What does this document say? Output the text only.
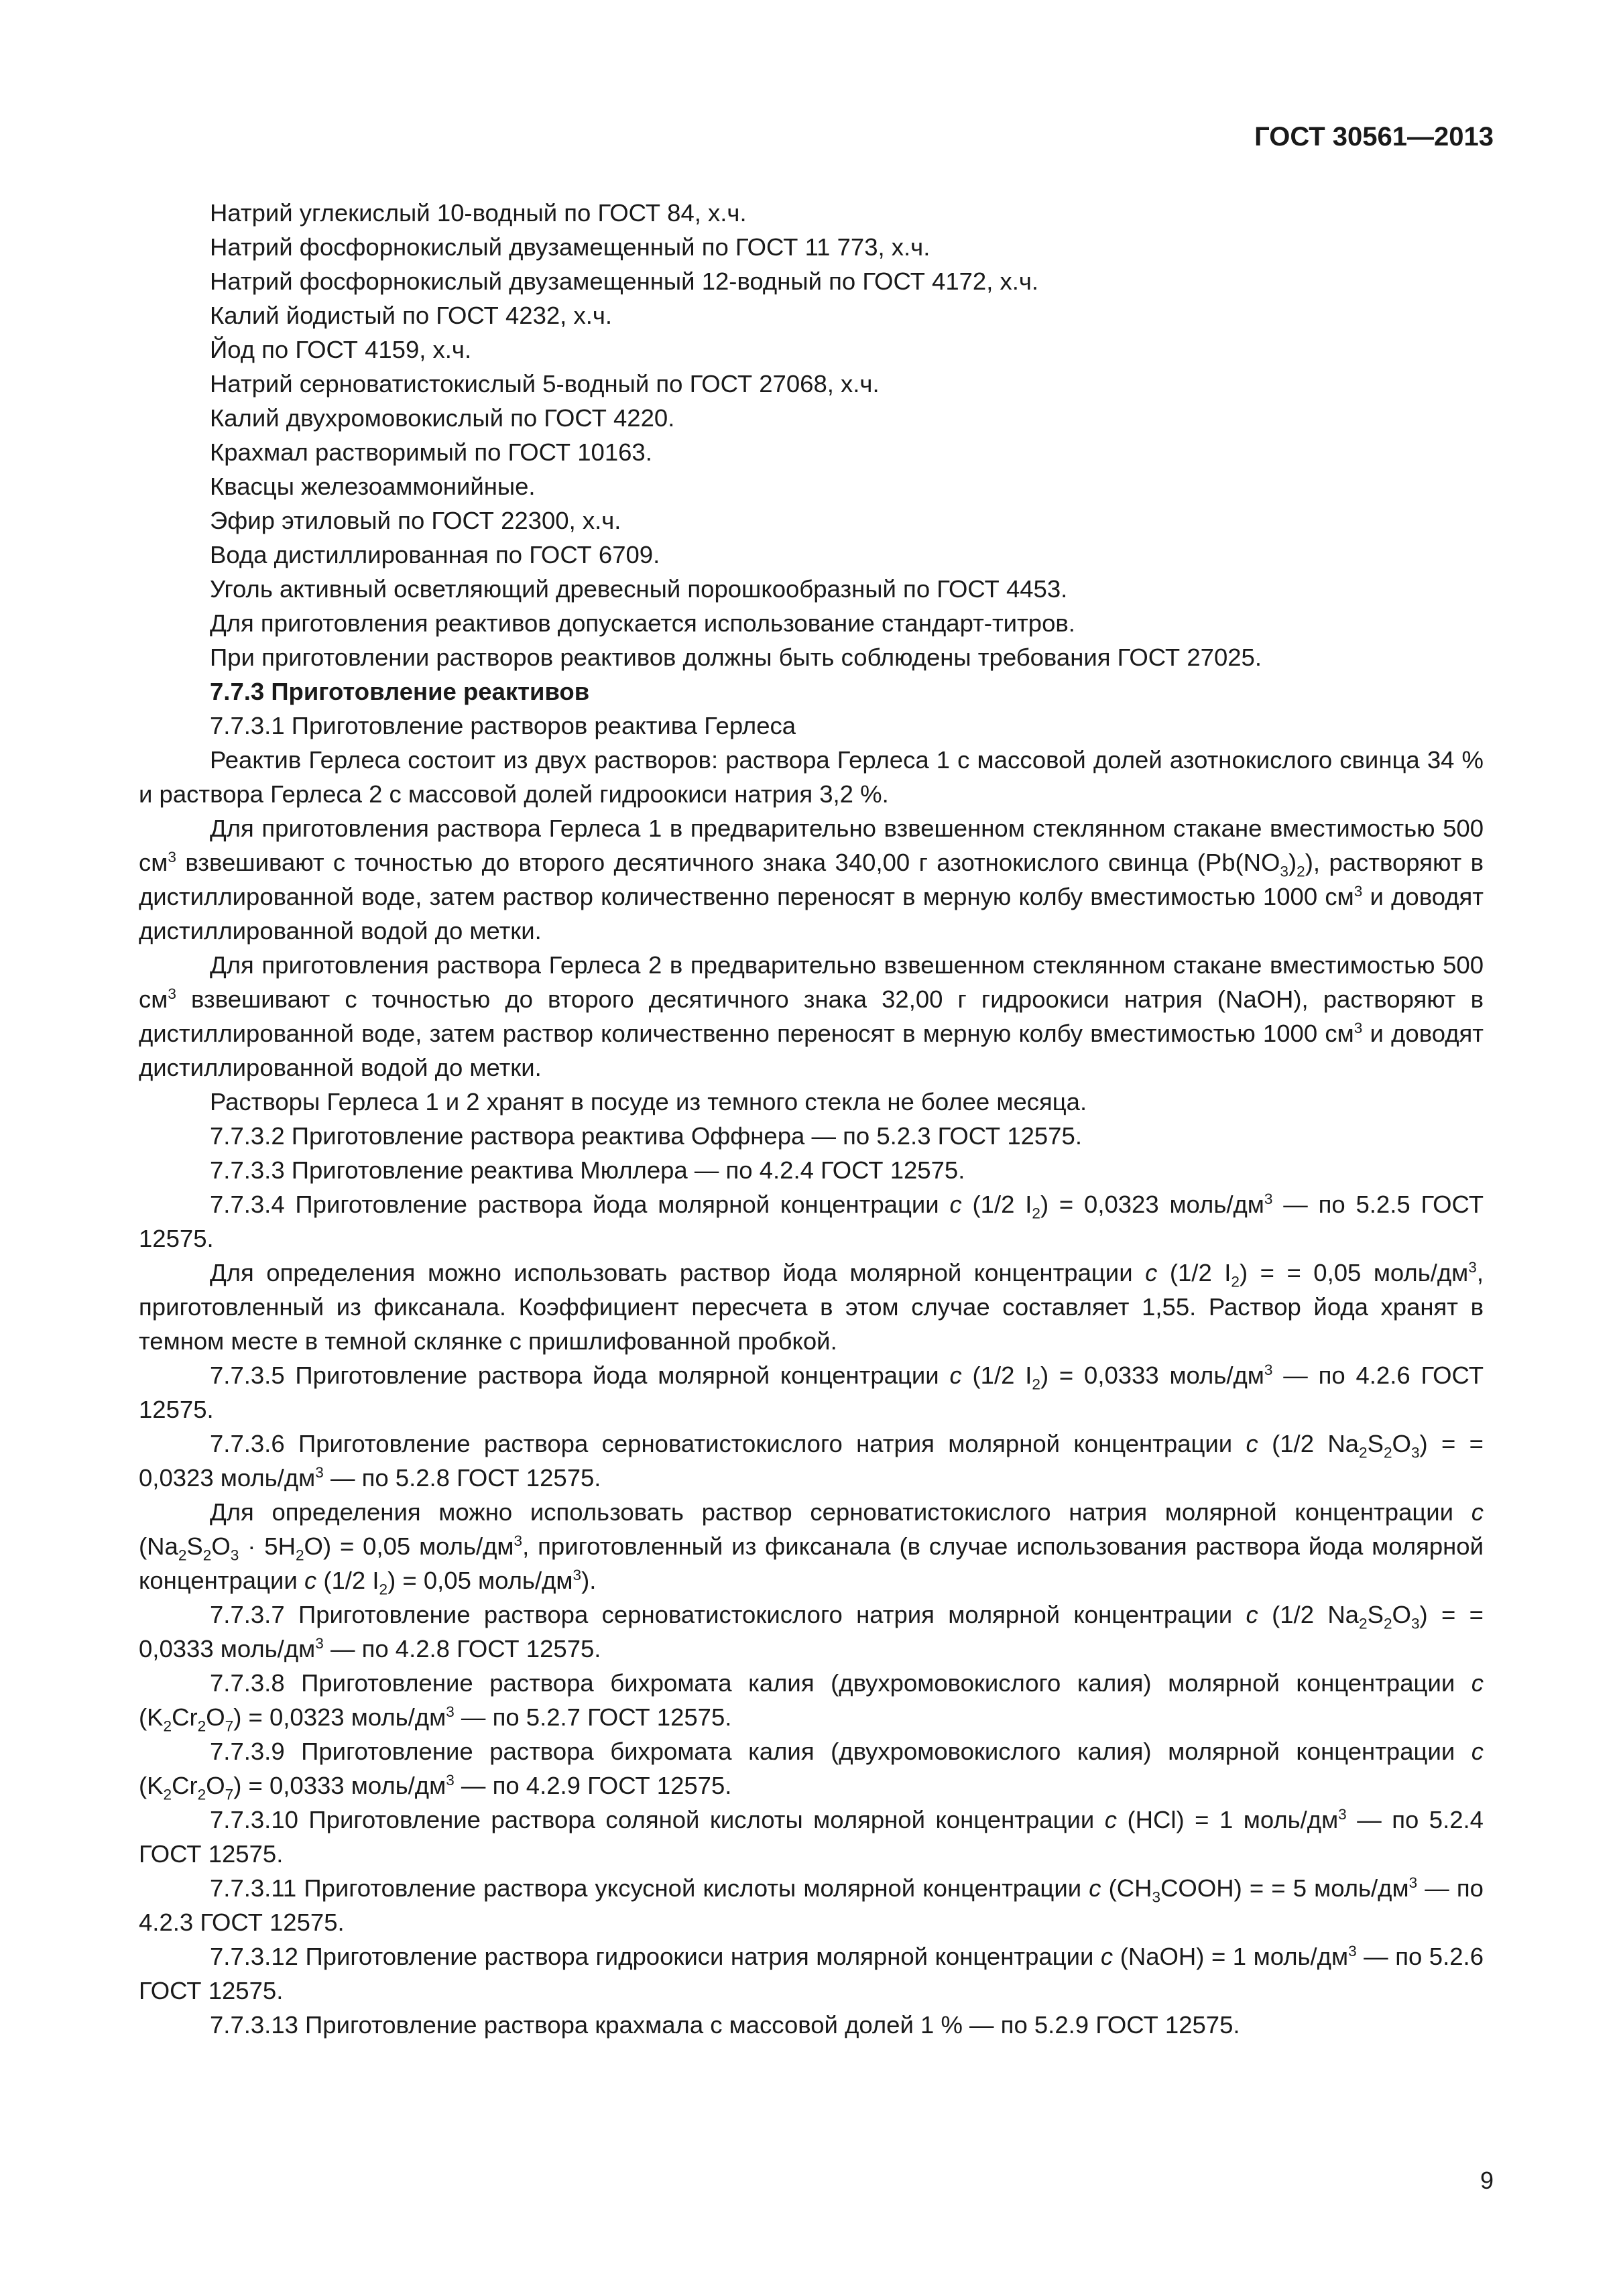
ГОСТ 30561—2013

Натрий углекислый 10-водный по ГОСТ 84, х.ч.

Натрий фосфорнокислый двузамещенный по ГОСТ 11 773, х.ч.

Натрий фосфорнокислый двузамещенный 12-водный по ГОСТ 4172, х.ч.

Калий йодистый по ГОСТ 4232, х.ч.

Йод по ГОСТ 4159, х.ч.

Натрий серноватистокислый 5-водный по ГОСТ 27068, х.ч.

Калий двухромовокислый по ГОСТ 4220.

Крахмал растворимый по ГОСТ 10163.

Квасцы железоаммонийные.

Эфир этиловый по ГОСТ 22300, х.ч.

Вода дистиллированная по ГОСТ 6709.

Уголь активный осветляющий древесный порошкообразный по ГОСТ 4453.

Для приготовления реактивов допускается использование стандарт-титров.

При приготовлении растворов реактивов должны быть соблюдены требования ГОСТ 27025.

7.7.3 Приготовление реактивов

7.7.3.1 Приготовление растворов реактива Герлеса

Реактив Герлеса состоит из двух растворов: раствора Герлеса 1 с массовой долей азотнокислого свинца 34 % и раствора Герлеса 2 с массовой долей гидроокиси натрия 3,2 %.

Для приготовления раствора Герлеса 1 в предварительно взвешенном стеклянном стакане вместимостью 500 $см^3$ взвешивают с точностью до второго десятичного знака 340,00 г азотнокислого свинца $(Pb(NO_3)_2)$, растворяют в дистиллированной воде, затем раствор количественно переносят в мерную колбу вместимостью 1000 $см^3$ и доводят дистиллированной водой до метки.

Для приготовления раствора Герлеса 2 в предварительно взвешенном стеклянном стакане вместимостью 500 $см^3$ взвешивают с точностью до второго десятичного знака 32,00 г гидроокиси натрия (NaOH), растворяют в дистиллированной воде, затем раствор количественно переносят в мерную колбу вместимостью 1000 $см^3$ и доводят дистиллированной водой до метки.

Растворы Герлеса 1 и 2 хранят в посуде из темного стекла не более месяца.

7.7.3.2 Приготовление раствора реактива Оффнера — по 5.2.3 ГОСТ 12575.

7.7.3.3 Приготовление реактива Мюллера — по 4.2.4 ГОСТ 12575.

7.7.3.4 Приготовление раствора йода молярной концентрации c (1/2 $I_2) = 0,0323$ моль/$дм^3$ — по 5.2.5 ГОСТ 12575.

Для определения можно использовать раствор йода молярной концентрации c (1/2 $I_2$) = = 0,05 моль/$дм^3$, приготовленный из фиксанала. Коэффициент пересчета в этом случае составляет 1,55. Раствор йода хранят в темном месте в темной склянке с пришлифованной пробкой.

7.7.3.5 Приготовление раствора йода молярной концентрации c (1/2 $I_2) = 0,0333$ моль/$дм^3$ — по 4.2.6 ГОСТ 12575.

7.7.3.6 Приготовление раствора серноватистокислого натрия молярной концентрации c (1/2 $Na_2S_2O_3$) = = 0,0323 моль/$дм^3$ — по 5.2.8 ГОСТ 12575.

Для определения можно использовать раствор серноватистокислого натрия молярной концентрации c $(Na_2S_2O_3 \cdot 5H_2O) = 0,05$ моль/$дм^3$, приготовленный из фиксанала (в случае использования раствора йода молярной концентрации c (1/2 $I_2) = 0,05$ моль/$дм^3$).

7.7.3.7 Приготовление раствора серноватистокислого натрия молярной концентрации c (1/2 $Na_2S_2O_3$) = = 0,0333 моль/$дм^3$ — по 4.2.8 ГОСТ 12575.

7.7.3.8 Приготовление раствора бихромата калия (двухромовокислого калия) молярной концентрации c $(K_2Cr_2O_7) = 0,0323$ моль/$дм^3$ — по 5.2.7 ГОСТ 12575.

7.7.3.9 Приготовление раствора бихромата калия (двухромовокислого калия) молярной концентрации c $(K_2Cr_2O_7) = 0,0333$ моль/$дм^3$ — по 4.2.9 ГОСТ 12575.

7.7.3.10 Приготовление раствора соляной кислоты молярной концентрации c (HCl) = 1 моль/$дм^3$ — по 5.2.4 ГОСТ 12575.

7.7.3.11 Приготовление раствора уксусной кислоты молярной концентрации c $(CH_3COOH)$ = = 5 моль/$дм^3$ — по 4.2.3 ГОСТ 12575.

7.7.3.12 Приготовление раствора гидроокиси натрия молярной концентрации c (NaOH) = 1 моль/$дм^3$ — по 5.2.6 ГОСТ 12575.

7.7.3.13 Приготовление раствора крахмала с массовой долей 1 % — по 5.2.9 ГОСТ 12575.

9
